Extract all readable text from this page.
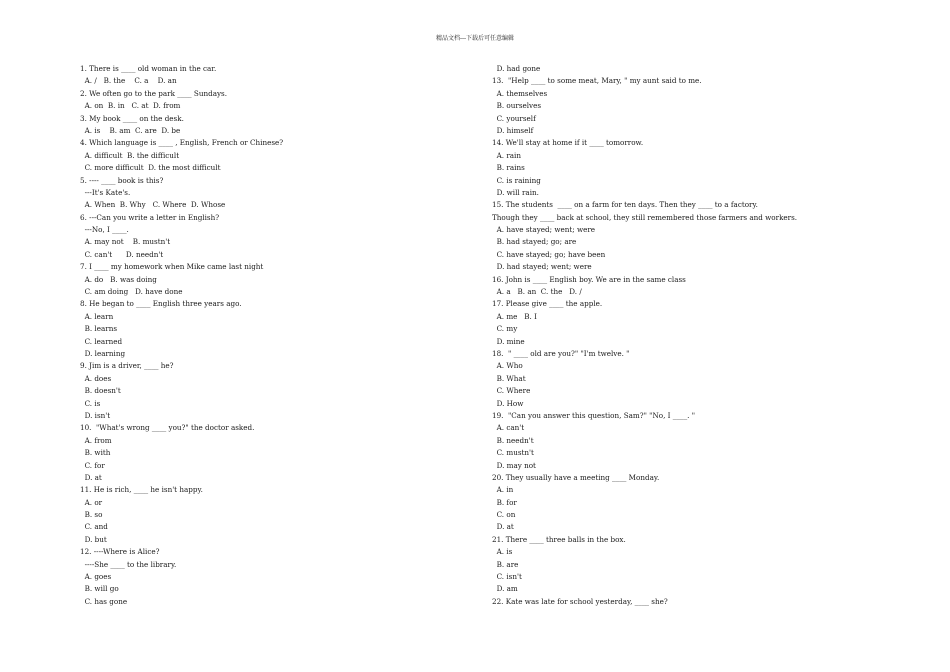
精品文档---下载后可任意编辑
1. There is ____ old woman in the car.
A. /   B. the    C. a    D. an
2. We often go to the park ____ Sundays.
A. on  B. in   C. at  D. from
3. My book ____ on the desk.
A. is    B. am  C. are  D. be
4. Which language is ____ , English, French or Chinese?
A. difficult  B. the difficult
C. more difficult  D. the most difficult
5. ---- ____ book is this?
---It's Kate's.
A. When  B. Why   C. Where  D. Whose
6. ---Can you write a letter in English?
---No, I ____.
A. may not    B. mustn't
C. can't      D. needn't
7. I ____ my homework when Mike came last night
A. do   B. was doing
C. am doing   D. have done
8. He began to ____ English three years ago.
A. learn
B. learns
C. learned
D. learning
9. Jim is a driver, ____ he?
A. does
B. doesn't
C. is
D. isn't
10.  "What's wrong ____ you?" the doctor asked.
A. from
B. with
C. for
D. at
11. He is rich, ____ he isn't happy.
A. or
B. so
C. and
D. but
12. ----Where is Alice?
----She ____ to the library.
A. goes
B. will go
C. has gone
D. had gone
13.  "Help ____ to some meat, Mary, " my aunt said to me.
A. themselves
B. ourselves
C. yourself
D. himself
14. We'll stay at home if it ____ tomorrow.
A. rain
B. rains
C. is raining
D. will rain.
15. The students  ____ on a farm for ten days. Then they ____ to a factory.
Though they ____ back at school, they still remembered those farmers and workers.
A. have stayed; went; were
B. had stayed; go; are
C. have stayed; go; have been
D. had stayed; went; were
16. John is ____ English boy. We are in the same class
A. a   B. an  C. the   D. /
17. Please give ____ the apple.
A. me   B. I
C. my
D. mine
18.  " ____ old are you?" "I'm twelve. "
A. Who
B. What
C. Where
D. How
19.  "Can you answer this question, Sam?" "No, I ____. "
A. can't
B. needn't
C. mustn't
D. may not
20. They usually have a meeting ____ Monday.
A. in
B. for
C. on
D. at
21. There ____ three balls in the box.
A. is
B. are
C. isn't
D. am
22. Kate was late for school yesterday, ____ she?
